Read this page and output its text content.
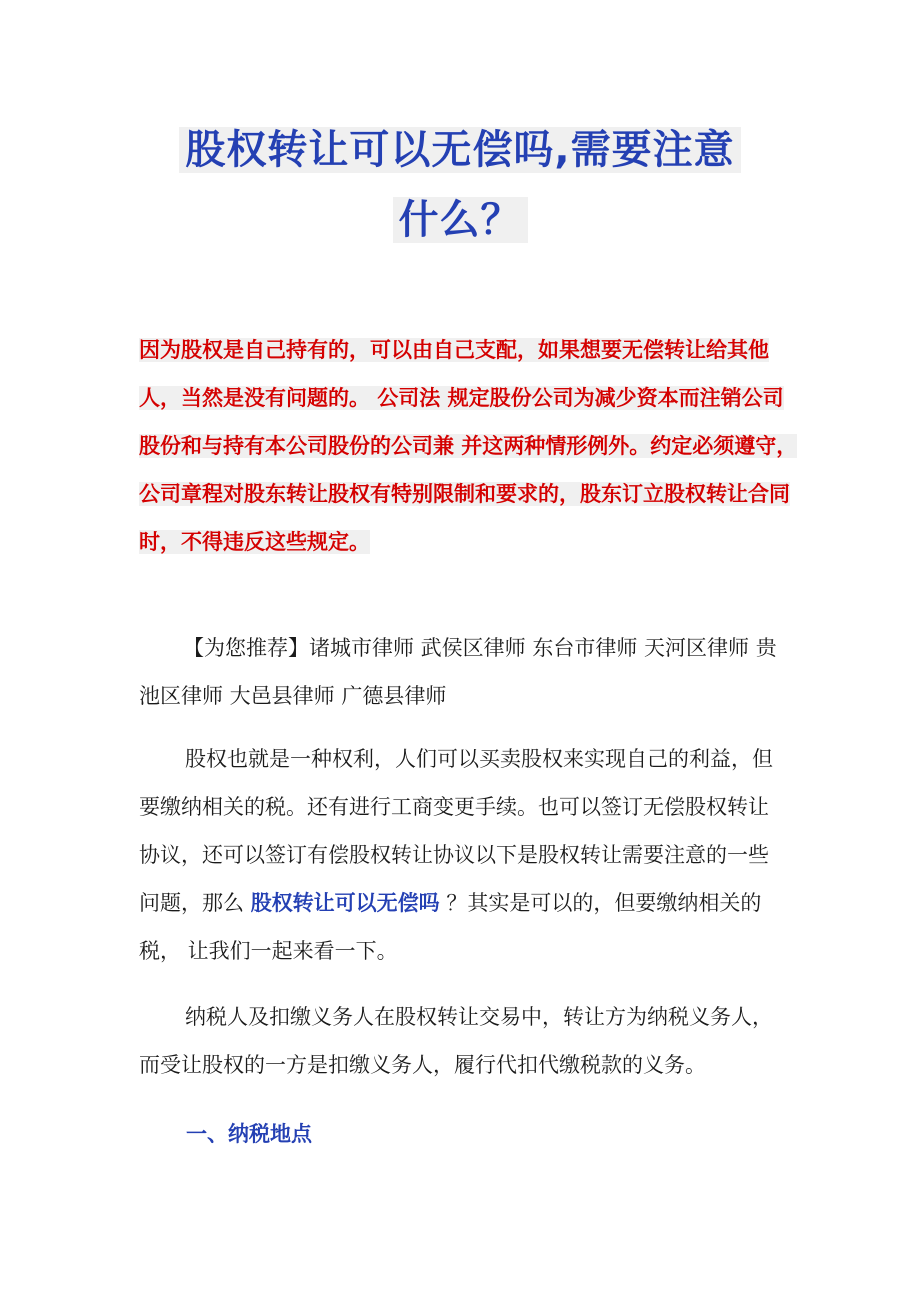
股权转让可以无偿吗,需要注意
什么？
因为股权是自己持有的，可以由自己支配，如果想要无偿转让给其他人，当然是没有问题的。 公司法 规定股份公司为减少资本而注销公司股份和与持有本公司股份的公司兼 并这两种情形例外。约定必须遵守，公司章程对股东转让股权有特别限制和要求的，股东订立股权转让合同时，不得违反这些规定。
【为您推荐】诸城市律师 武侯区律师 东台市律师 天河区律师 贵池区律师 大邑县律师 广德县律师
股权也就是一种权利，人们可以买卖股权来实现自己的利益，但要缴纳相关的税。还有进行工商变更手续。也可以签订无偿股权转让协议，还可以签订有偿股权转让协议以下是股权转让需要注意的一些问题，那么 股权转让可以无偿吗 ？其实是可以的，但要缴纳相关的税， 让我们一起来看一下。
纳税人及扣缴义务人在股权转让交易中，转让方为纳税义务人，而受让股权的一方是扣缴义务人，履行代扣代缴税款的义务。
一、纳税地点
